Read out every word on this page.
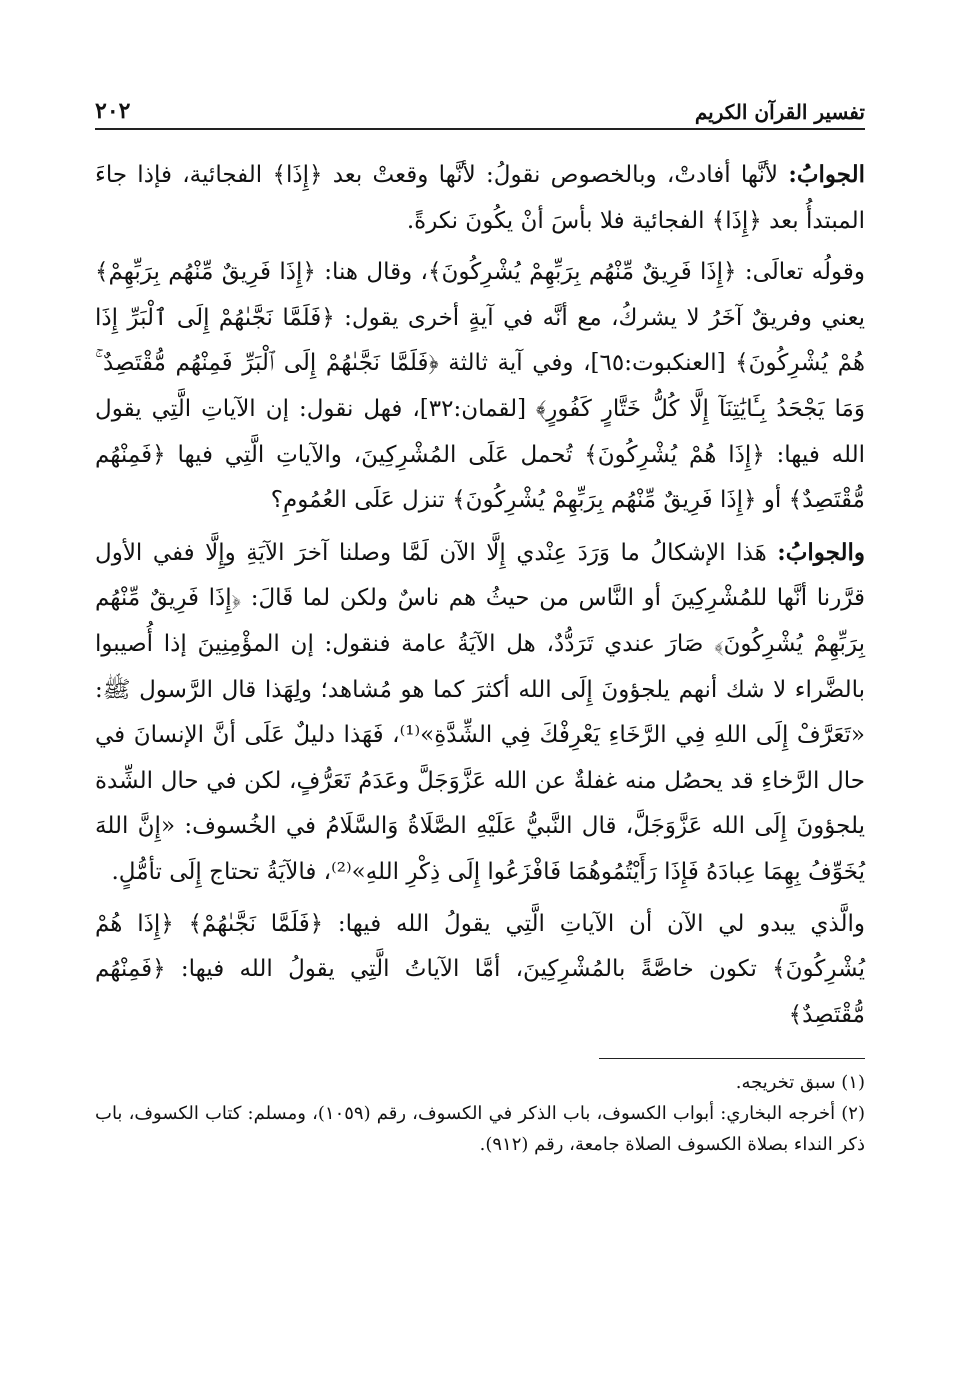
تفسير القرآن الكريم
٢٠٢

الجوابُ: لأنَّها أفادتْ، وبالخصوص نقولُ: لأنَّها وقعتْ بعد ﴿إِذَا﴾ الفجائية، فإذا جاءَ المبتدأُ بعد ﴿إِذَا﴾ الفجائية فلا بأسَ أنْ يكُونَ نكرةً.

وقولُه تعالَى: ﴿إِذَا فَرِيقٌ مِّنْهُم بِرَبِّهِمْ يُشْرِكُونَ﴾، وقال هنا: ﴿إِذَا فَرِيقٌ مِّنْهُم بِرَبِّهِمْ﴾ يعني وفريقٌ آخَرُ لا يشركُ، مع أنَّه في آيةٍ أخرى يقول: ﴿فَلَمَّا نَجَّىٰهُمْ إِلَى ٱلْبَرِّ إِذَا هُمْ يُشْرِكُونَ﴾ [العنكبوت:٦٥]، وفي آية ثالثة ﴿فَلَمَّا نَجَّىٰهُمْ إِلَى ٱلْبَرِّ فَمِنْهُم مُّقْتَصِدٌ ۚ وَمَا يَجْحَدُ بِـَٔايَٰتِنَآ إِلَّا كُلُّ خَتَّارٍ كَفُورٍ﴾ [لقمان:٣٢]، فهل نقول: إن الآياتِ الَّتِي يقول الله فيها: ﴿إِذَا هُمْ يُشْرِكُونَ﴾ تُحمل عَلَى المُشْرِكِينَ، والآياتِ الَّتِي فيها ﴿فَمِنْهُم مُّقْتَصِدٌ﴾ أو ﴿إِذَا فَرِيقٌ مِّنْهُم بِرَبِّهِمْ يُشْرِكُونَ﴾ تنزل عَلَى العُمُومِ؟

والجوابُ: هَذا الإشكالُ ما وَرَدَ عِنْدي إِلَّا الآن لَمَّا وصلنا آخرَ الآيَةِ وإِلَّا ففي الأول قرَّرنا أنَّها للمُشْرِكِينَ أو النَّاس من حيثُ هم ناسٌ ولكن لما قَالَ: ﴿إِذَا فَرِيقٌ مِّنْهُم بِرَبِّهِمْ يُشْرِكُونَ﴾ صَارَ عندي تَرَدُّدٌ، هل الآيَةُ عامة فنقول: إن المؤْمِنِينَ إذا أُصيبوا بالضَّراء لا شك أنهم يلجؤونَ إِلَى الله أكثرَ كما هو مُشاهد؛ ولِهَذا قال الرَّسول ﷺ: «تَعَرَّفْ إِلَى اللهِ فِي الرَّخَاءِ يَعْرِفْكَ فِي الشِّدَّةِ»⁽¹⁾، فَهَذا دليلٌ عَلَى أنَّ الإنسانَ في حال الرَّخاءِ قد يحصُل منه غفلةٌ عن الله عَزَّوَجَلَّ وعَدَمُ تَعَرُّفٍ، لكن في حال الشِّدة يلجؤونَ إِلَى الله عَزَّوَجَلَّ، قال النَّبيُّ عَلَيْهِ الصَّلَاةُ وَالسَّلَامُ في الخُسوف: «إِنَّ اللهَ يُخَوِّفُ بِهِمَا عِبادَهُ فَإِذَا رَأَيْتُمُوهُمَا فَافْزَعُوا إِلَى ذِكْرِ اللهِ»⁽²⁾، فالآيَةُ تحتاج إِلَى تأمُّلٍ.

والَّذي يبدو لي الآن أن الآياتِ الَّتِي يقولُ الله فيها: ﴿فَلَمَّا نَجَّىٰهُمْ﴾ ﴿إِذَا هُمْ يُشْرِكُونَ﴾ تكون خاصَّةً بالمُشْرِكِينَ، أمَّا الآياتُ الَّتِي يقولُ الله فيها: ﴿فَمِنْهُم مُّقْتَصِدٌ﴾

(١) سبق تخريجه.

(٢) أخرجه البخاري: أبواب الكسوف، باب الذكر في الكسوف، رقم (١٠٥٩)، ومسلم: كتاب الكسوف، باب ذكر النداء بصلاة الكسوف الصلاة جامعة، رقم (٩١٢).
